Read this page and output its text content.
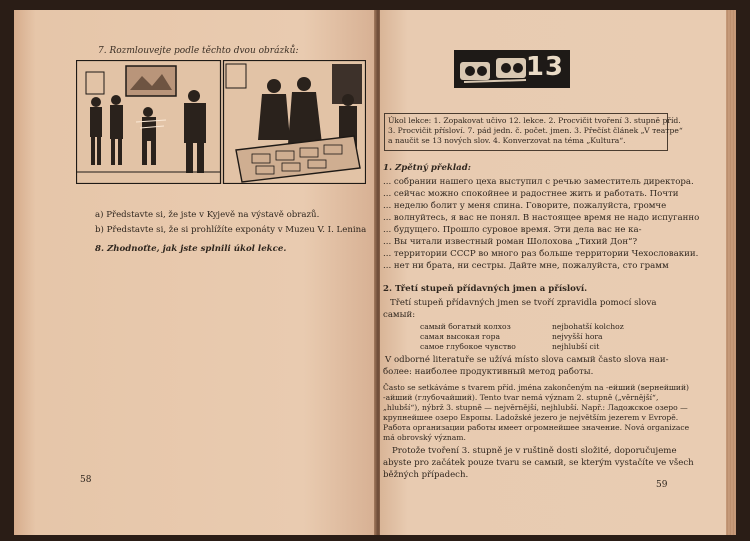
7. Rozmlouvejte podle těchto dvou obrázků:
a) Představte si, že jste v Kyjevě na výstavě obrazů.
b) Představte si, že si prohlížíte exponáty v Muzeu V. I. Lenina
8. Zhodnoťte, jak jste splnili úkol lekce.
58
13
Úkol lekce: 1. Zopakovat učivo 12. lekce. 2. Procvičit tvoření 3. stupně příd.
3. Procvičit přísloví. 7. pád jedn. č. počet. jmen. 3. Přečíst článek „V театре“
a naučit se 13 nových slov. 4. Konverzovat na téma „Kultura“.
1. Zpětný překlad:
... собрании нашего цеха выступил с речью заместитель директора.
... сейчас можно спокойнее и радостнее жить и работать. Почти
... неделю болит у меня спина. Говорите, пожалуйста, громче
... волнуйтесь, я вас не понял. В настоящее время не надо испуганно
... будущего. Прошло суровое время. Эти дела вас не ка-
... Вы читали известный роман Шолохова „Тихий Дон“?
... территории СССР во много раз больше территории Чехословакии.
... нет ни брата, ни сестры. Дайте мне, пожалуйста, сто грамм
2. Třetí stupeň přídavných jmen a přísloví.
Třetí stupeň přídavných jmen se tvoří zpravidla pomocí slova
самый:
самый богатый колхоз
самая высокая гора
самое глубокое чувство
nejbohatší kolchoz
nejvyšší hora
nejhlubší cit
V odborné literatuře se užívá místo slova самый často slova наи-
более: наиболее продуктивный метод работы.
Často se setkáváme s tvarem příd. jména zakončeným na -ейший (вернейший)
-айший (глубочайший). Tento tvar nemá význam 2. stupně („věrnější“,
„hlubší“), nýbrž 3. stupně — nejvěrnější, nejhlubší. Např.: Ладожское озеро —
крупнейшее озеро Европы. Ladožské jezero je největším jezerem v Evropě.
Работа организации работы имеет огромнейшее значение. Nová organizace
má obrovský význam.
Protože tvoření 3. stupně je v ruštině dosti složité, doporučujeme
abyste pro začátek pouze tvaru se самый, se kterým vystačíte ve všech
běžných případech.
59
